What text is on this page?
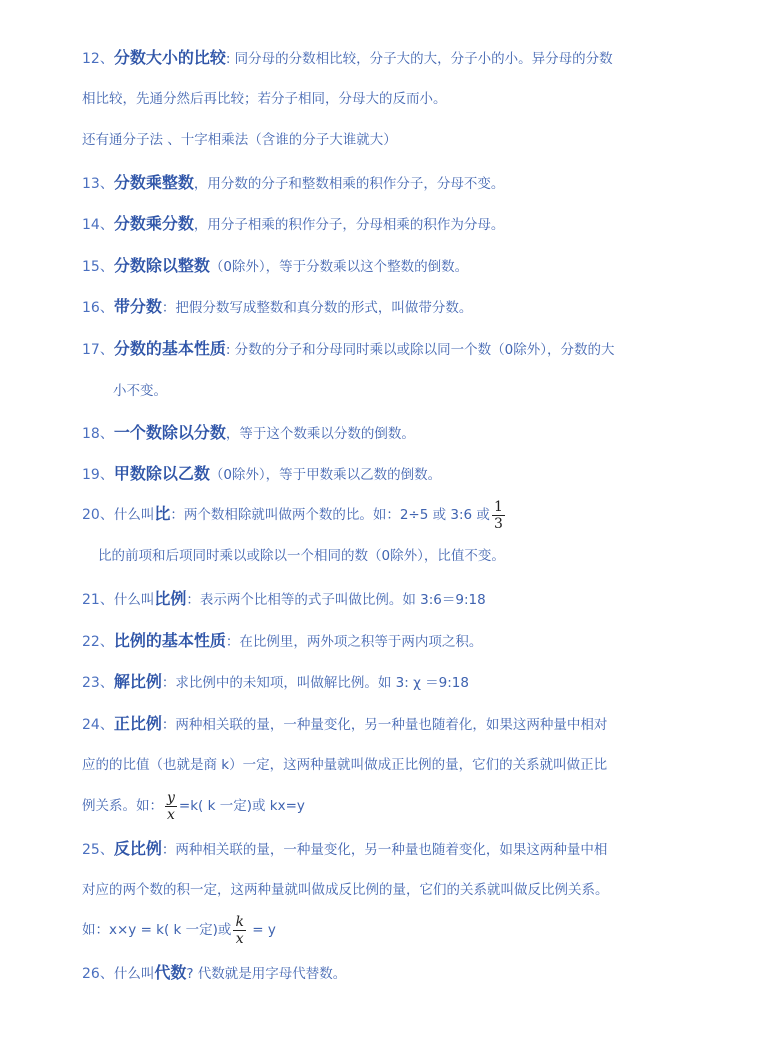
12、分数大小的比较: 同分母的分数相比较，分子大的大，分子小的小。异分母的分数
相比较，先通分然后再比较；若分子相同，分母大的反而小。
还有通分子法 、十字相乘法（含谁的分子大谁就大）
13、分数乘整数，用分数的分子和整数相乘的积作分子，分母不变。
14、分数乘分数，用分子相乘的积作分子，分母相乘的积作为分母。
15、分数除以整数（0除外），等于分数乘以这个整数的倒数。
16、带分数：把假分数写成整数和真分数的形式，叫做带分数。
17、分数的基本性质: 分数的分子和分母同时乘以或除以同一个数（0除外），分数的大
小不变。
18、一个数除以分数，等于这个数乘以分数的倒数。
19、甲数除以乙数（0除外），等于甲数乘以乙数的倒数。
20、什么叫比：两个数相除就叫做两个数的比。如：2÷5 或 3:6 或 $\frac{1}{3}$
比的前项和后项同时乘以或除以一个相同的数（0除外），比值不变。
21、什么叫比例：表示两个比相等的式子叫做比例。如 3:6＝9:18
22、比例的基本性质：在比例里，两外项之积等于两内项之积。
23、解比例：求比例中的未知项，叫做解比例。如 3: χ ＝9:18
24、正比例：两种相关联的量，一种量变化，另一种量也随着化，如果这两种量中相对
应的的比值（也就是商 k）一定，这两种量就叫做成正比例的量，它们的关系就叫做正比
例关系。如： $\frac{y}{x} =k$( k 一定)或 kx=y
25、反比例：两种相关联的量，一种量变化，另一种量也随着变化，如果这两种量中相
对应的两个数的积一定，这两种量就叫做成反比例的量，它们的关系就叫做反比例关系。
如：x×y = k( k 一定)或 $\frac{k}{x} = y$
26、什么叫代数? 代数就是用字母代替数。
